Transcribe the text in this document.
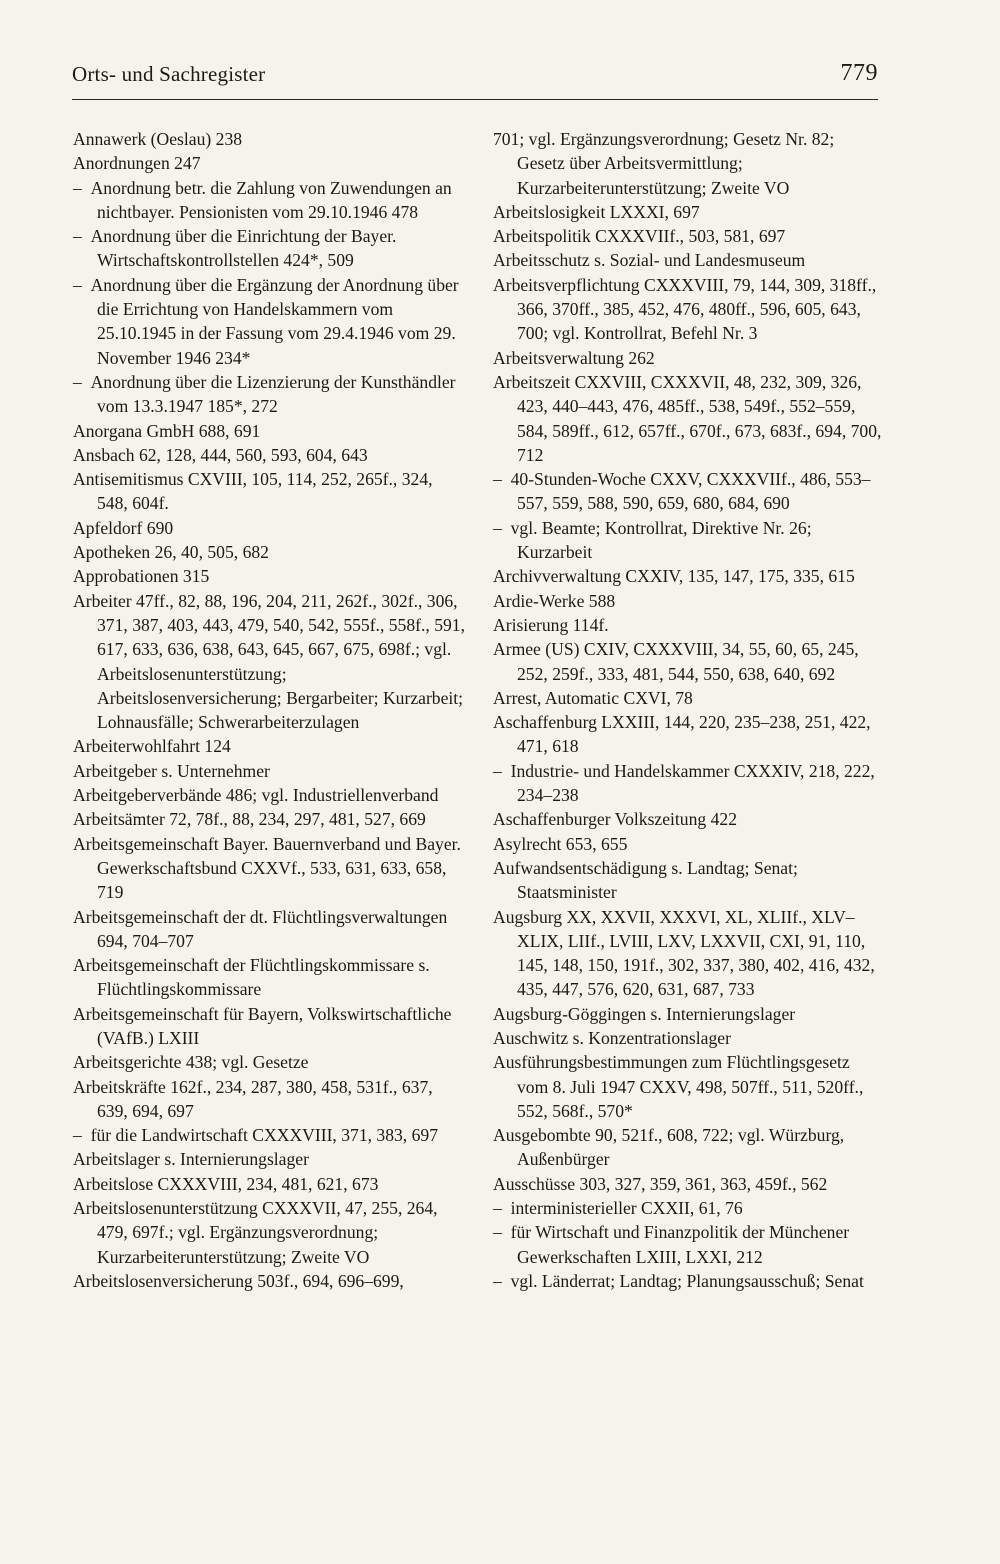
Orts- und Sachregister	779

Annawerk (Oeslau) 238

Anordnungen 247

–  Anordnung betr. die Zahlung von Zuwendungen an nichtbayer. Pensionisten vom 29.10.1946 478

–  Anordnung über die Einrichtung der Bayer. Wirtschaftskontrollstellen 424*, 509

–  Anordnung über die Ergänzung der Anordnung über die Errichtung von Handelskammern vom 25.10.1945 in der Fassung vom 29.4.1946 vom 29. November 1946 234*

–  Anordnung über die Lizenzierung der Kunsthändler vom 13.3.1947 185*, 272

Anorgana GmbH 688, 691

Ansbach 62, 128, 444, 560, 593, 604, 643

Antisemitismus CXVIII, 105, 114, 252, 265f., 324, 548, 604f.

Apfeldorf 690

Apotheken 26, 40, 505, 682

Approbationen 315

Arbeiter 47ff., 82, 88, 196, 204, 211, 262f., 302f., 306, 371, 387, 403, 443, 479, 540, 542, 555f., 558f., 591, 617, 633, 636, 638, 643, 645, 667, 675, 698f.; vgl. Arbeitslosenunterstützung; Arbeitslosenversicherung; Bergarbeiter; Kurzarbeit; Lohnausfälle; Schwerarbeiterzulagen

Arbeiterwohlfahrt 124

Arbeitgeber s. Unternehmer

Arbeitgeberverbände 486; vgl. Industriellenverband

Arbeitsämter 72, 78f., 88, 234, 297, 481, 527, 669

Arbeitsgemeinschaft Bayer. Bauernverband und Bayer. Gewerkschaftsbund CXXVf., 533, 631, 633, 658, 719

Arbeitsgemeinschaft der dt. Flüchtlingsverwaltungen 694, 704–707

Arbeitsgemeinschaft der Flüchtlingskommissare s. Flüchtlingskommissare

Arbeitsgemeinschaft für Bayern, Volkswirtschaftliche (VAfB.) LXIII

Arbeitsgerichte 438; vgl. Gesetze

Arbeitskräfte 162f., 234, 287, 380, 458, 531f., 637, 639, 694, 697

–  für die Landwirtschaft CXXXVIII, 371, 383, 697

Arbeitslager s. Internierungslager

Arbeitslose CXXXVIII, 234, 481, 621, 673

Arbeitslosenunterstützung CXXXVII, 47, 255, 264, 479, 697f.; vgl. Ergänzungsverordnung; Kurzarbeiterunterstützung; Zweite VO

Arbeitslosenversicherung 503f., 694, 696–699,

701; vgl. Ergänzungsverordnung; Gesetz Nr. 82; Gesetz über Arbeitsvermittlung; Kurzarbeiterunterstützung; Zweite VO

Arbeitslosigkeit LXXXI, 697

Arbeitspolitik CXXXVIIf., 503, 581, 697

Arbeitsschutz s. Sozial- und Landesmuseum

Arbeitsverpflichtung CXXXVIII, 79, 144, 309, 318ff., 366, 370ff., 385, 452, 476, 480ff., 596, 605, 643, 700; vgl. Kontrollrat, Befehl Nr. 3

Arbeitsverwaltung 262

Arbeitszeit CXXVIII, CXXXVII, 48, 232, 309, 326, 423, 440–443, 476, 485ff., 538, 549f., 552–559, 584, 589ff., 612, 657ff., 670f., 673, 683f., 694, 700, 712

–  40-Stunden-Woche CXXV, CXXXVIIf., 486, 553–557, 559, 588, 590, 659, 680, 684, 690

–  vgl. Beamte; Kontrollrat, Direktive Nr. 26; Kurzarbeit

Archivverwaltung CXXIV, 135, 147, 175, 335, 615

Ardie-Werke 588

Arisierung 114f.

Armee (US) CXIV, CXXXVIII, 34, 55, 60, 65, 245, 252, 259f., 333, 481, 544, 550, 638, 640, 692

Arrest, Automatic CXVI, 78

Aschaffenburg LXXIII, 144, 220, 235–238, 251, 422, 471, 618

–  Industrie- und Handelskammer CXXXIV, 218, 222, 234–238

Aschaffenburger Volkszeitung 422

Asylrecht 653, 655

Aufwandsentschädigung s. Landtag; Senat; Staatsminister

Augsburg XX, XXVII, XXXVI, XL, XLIIf., XLV–XLIX, LIIf., LVIII, LXV, LXXVII, CXI, 91, 110, 145, 148, 150, 191f., 302, 337, 380, 402, 416, 432, 435, 447, 576, 620, 631, 687, 733

Augsburg-Göggingen s. Internierungslager

Auschwitz s. Konzentrationslager

Ausführungsbestimmungen zum Flüchtlingsgesetz vom 8. Juli 1947 CXXV, 498, 507ff., 511, 520ff., 552, 568f., 570*

Ausgebombte 90, 521f., 608, 722; vgl. Würzburg, Außenbürger

Ausschüsse 303, 327, 359, 361, 363, 459f., 562

–  interministerieller CXXII, 61, 76

–  für Wirtschaft und Finanzpolitik der Münchener Gewerkschaften LXIII, LXXI, 212

–  vgl. Länderrat; Landtag; Planungsausschuß; Senat
